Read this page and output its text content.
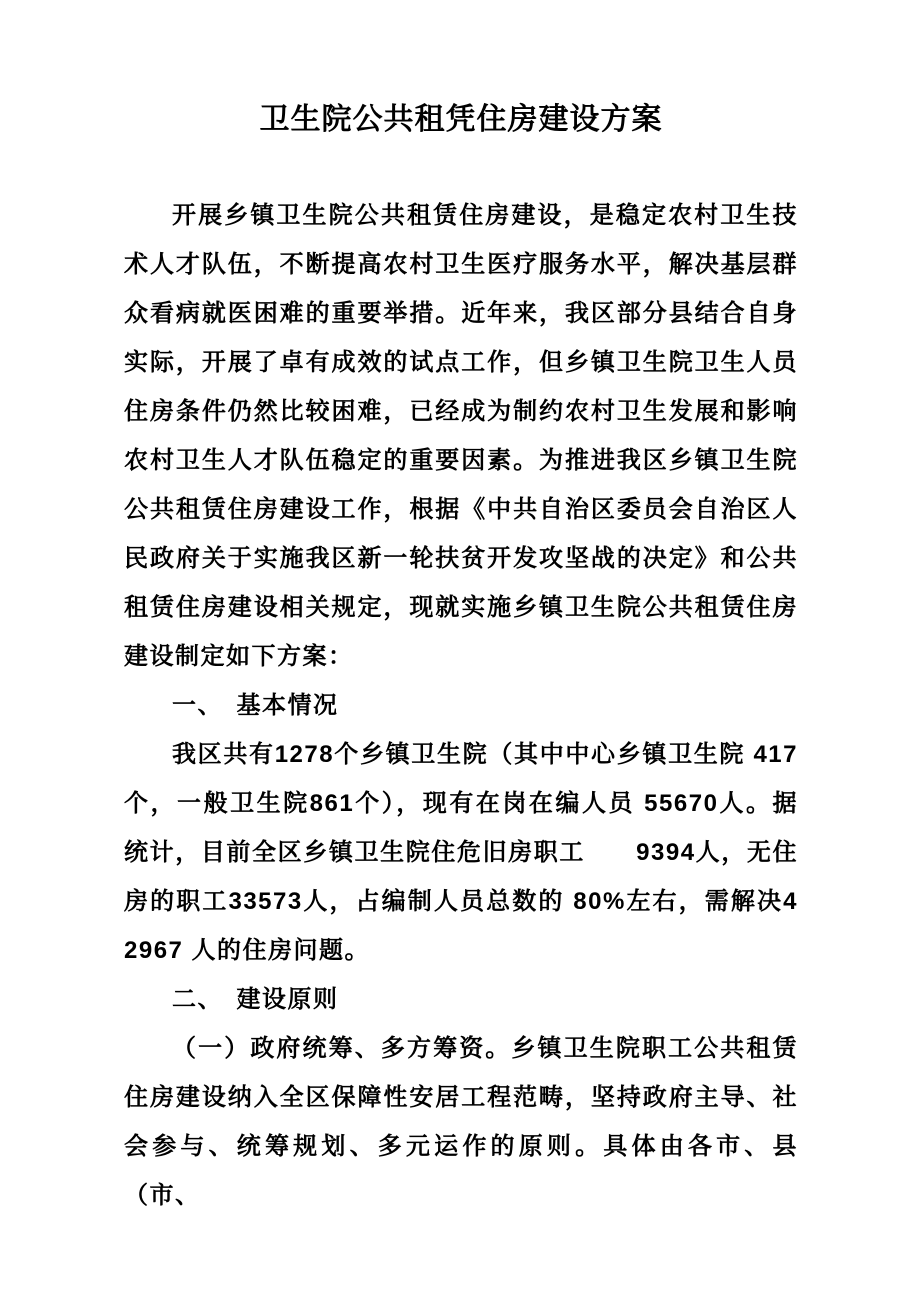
卫生院公共租凭住房建设方案

开展乡镇卫生院公共租赁住房建设，是稳定农村卫生技术人才队伍，不断提高农村卫生医疗服务水平，解决基层群众看病就医困难的重要举措。近年来，我区部分县结合自身实际，开展了卓有成效的试点工作，但乡镇卫生院卫生人员住房条件仍然比较困难，已经成为制约农村卫生发展和影响农村卫生人才队伍稳定的重要因素。为推进我区乡镇卫生院公共租赁住房建设工作，根据《中共自治区委员会自治区人民政府关于实施我区新一轮扶贫开发攻坚战的决定》和公共租赁住房建设相关规定，现就实施乡镇卫生院公共租赁住房建设制定如下方案：

一、　基本情况

我区共有1278个乡镇卫生院（其中中心乡镇卫生院 417 个，一般卫生院861个），现有在岗在编人员 55670人。据统计，目前全区乡镇卫生院住危旧房职工　　9394人，无住房的职工33573人，占编制人员总数的 80%左右，需解决42967 人的住房问题。

二、　建设原则

（一）政府统筹、多方筹资。乡镇卫生院职工公共租赁住房建设纳入全区保障性安居工程范畴，坚持政府主导、社会参与、统筹规划、多元运作的原则。具体由各市、县（市、
